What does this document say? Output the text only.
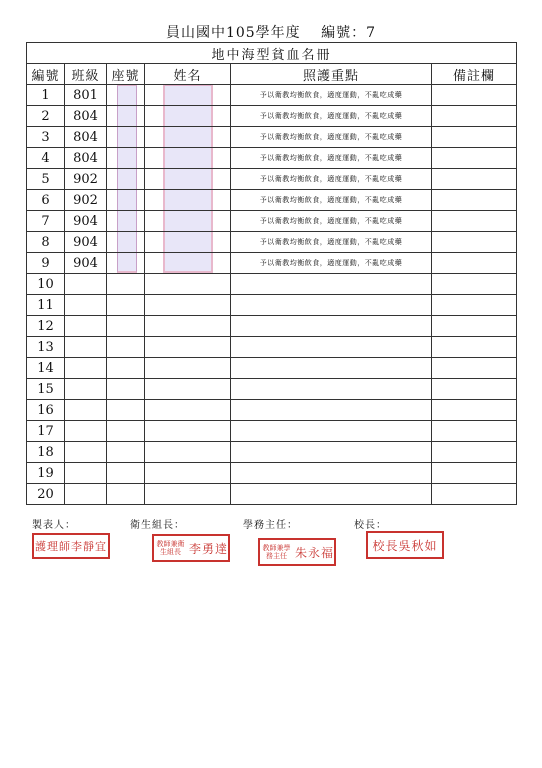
員山國中105學年度　 編號：7
地中海型貧血名冊					
編號	班級	座號	姓名	照護重點	備註欄
1	801			予以衛教均衡飲食，適度運動，不亂吃成藥	
2	804			予以衛教均衡飲食，適度運動，不亂吃成藥	
3	804			予以衛教均衡飲食，適度運動，不亂吃成藥	
4	804			予以衛教均衡飲食，適度運動，不亂吃成藥	
5	902			予以衛教均衡飲食，適度運動，不亂吃成藥	
6	902			予以衛教均衡飲食，適度運動，不亂吃成藥	
7	904			予以衛教均衡飲食，適度運動，不亂吃成藥	
8	904			予以衛教均衡飲食，適度運動，不亂吃成藥	
9	904			予以衛教均衡飲食，適度運動，不亂吃成藥	
10					
11					
12					
13					
14					
15					
16					
17					
18					
19					
20					
製表人：	衛生組長：	學務主任：	校長：
護理師李靜宜	教師兼衛生組長 李勇達	教師兼學務主任 朱永福	校長吳秋如
